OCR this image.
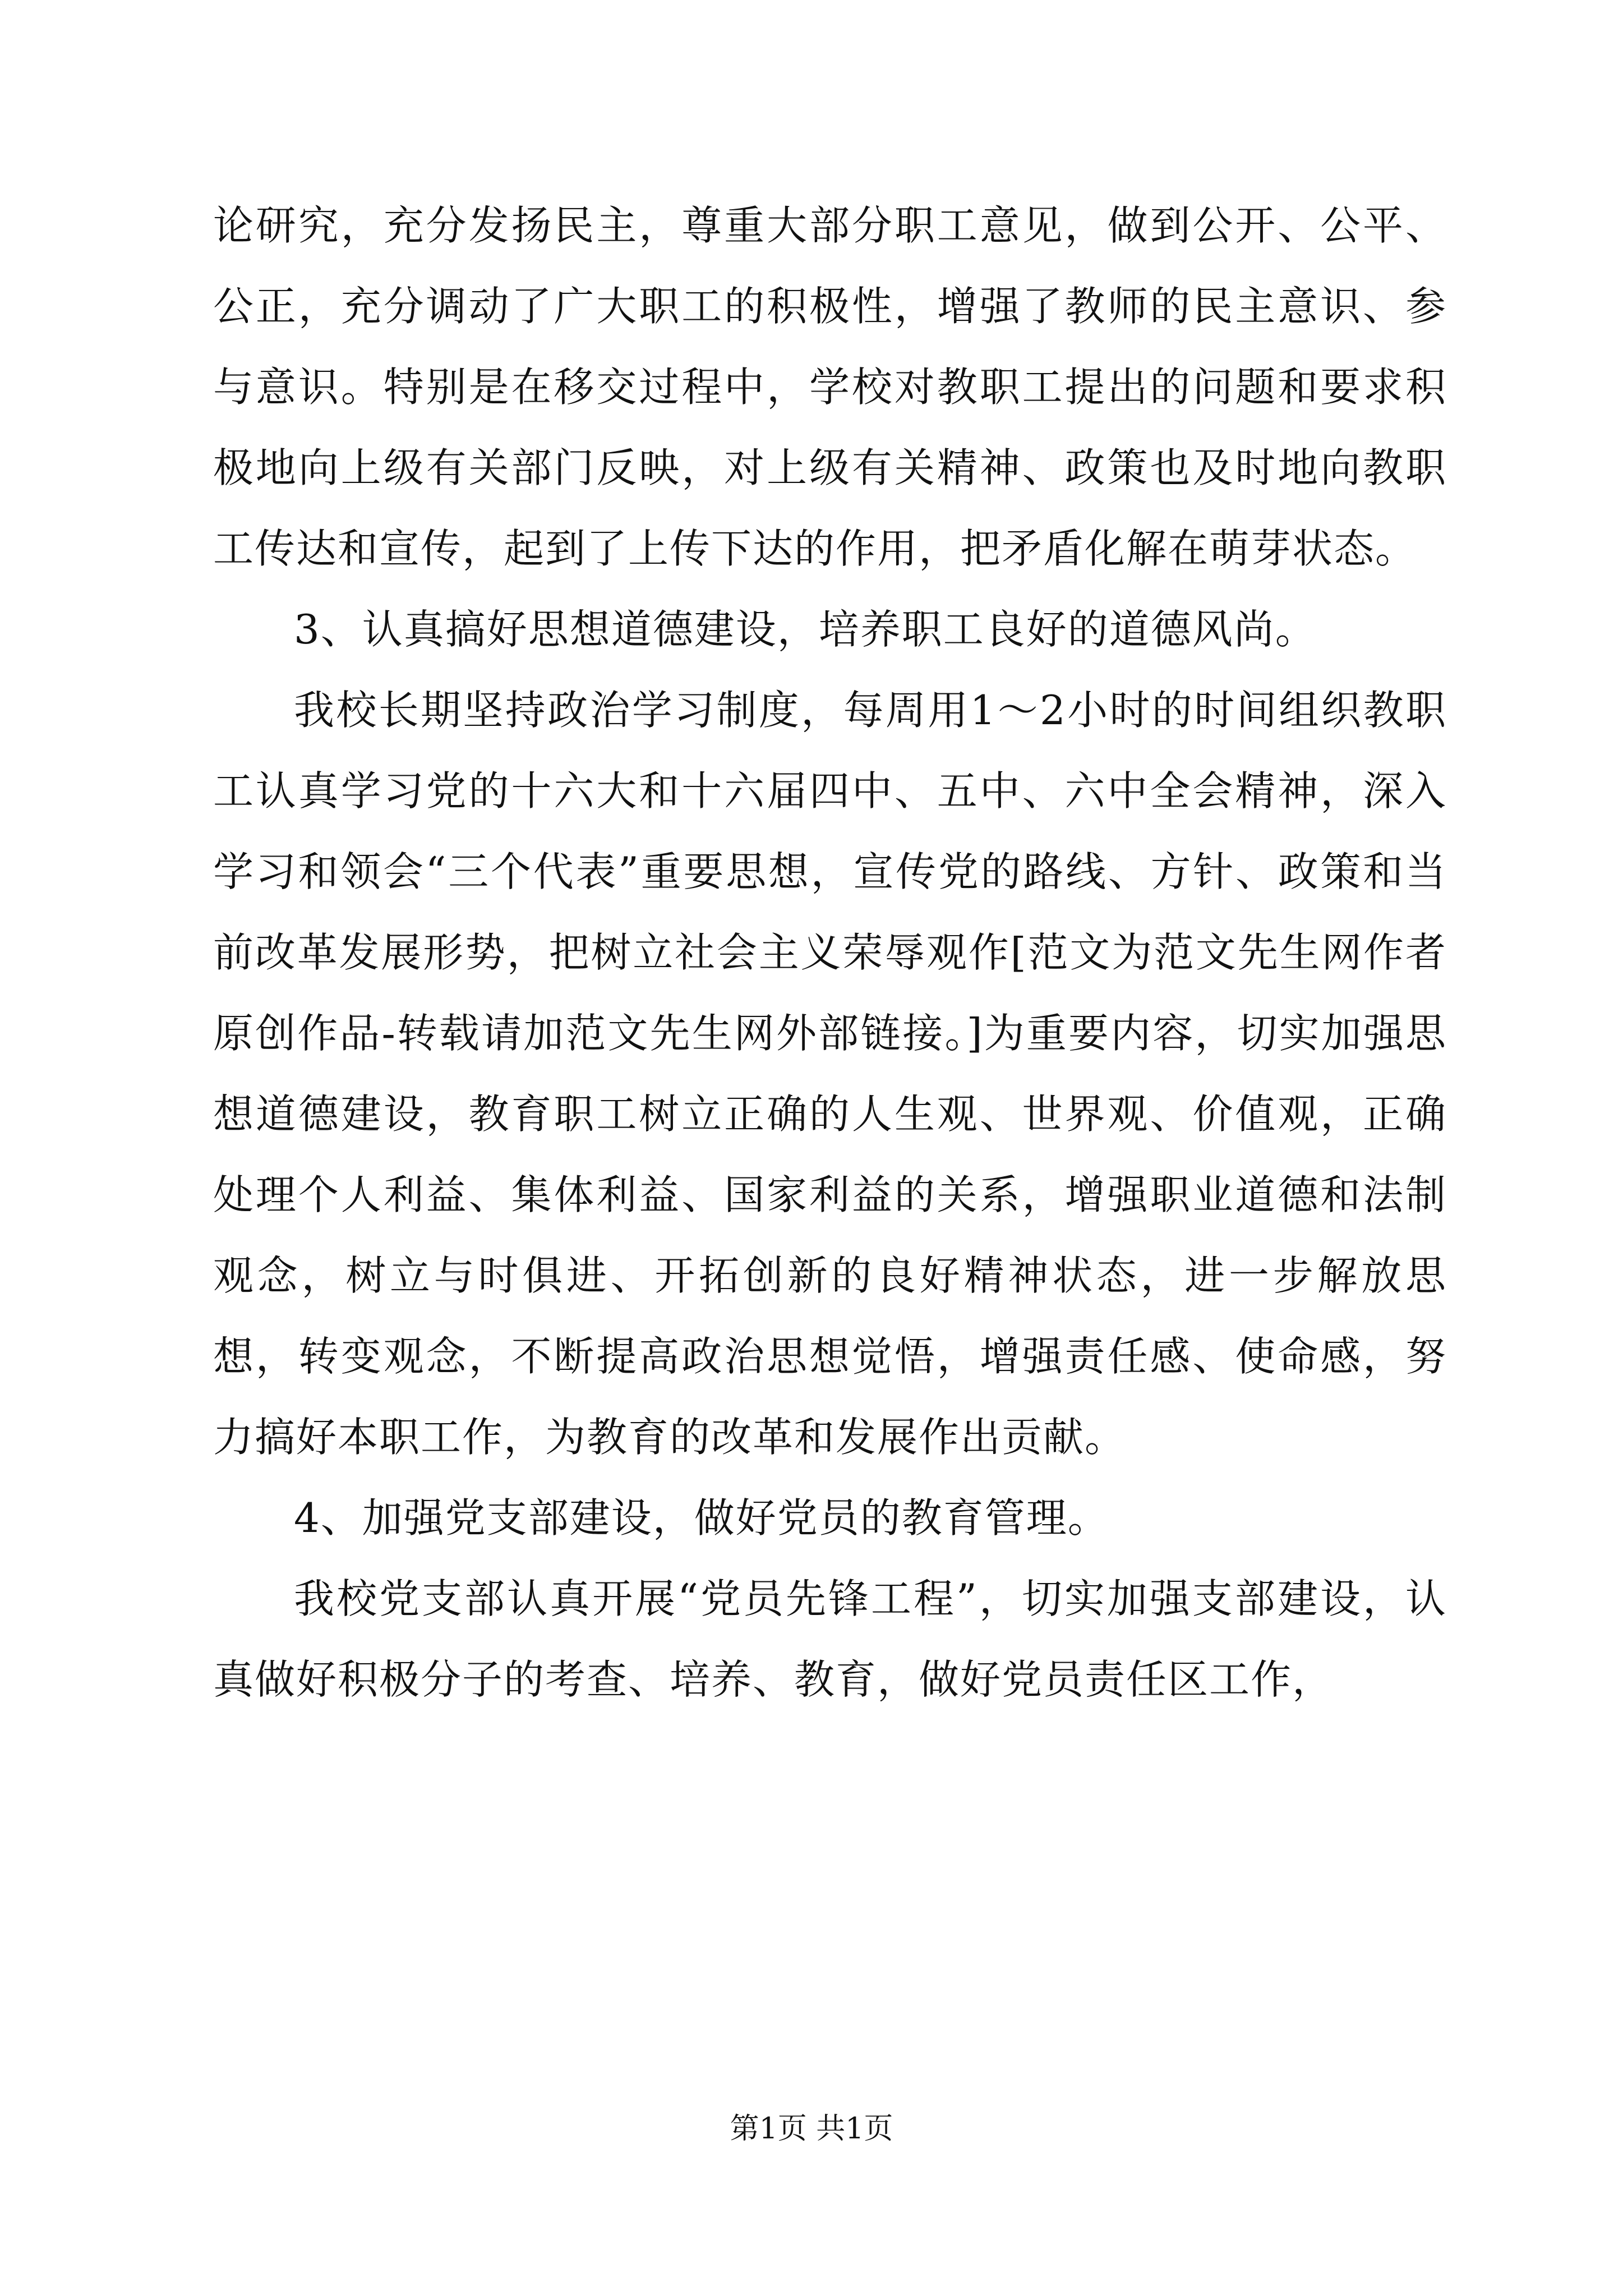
论研究，充分发扬民主，尊重大部分职工意见，做到公开、公平、公正，充分调动了广大职工的积极性，增强了教师的民主意识、参与意识。特别是在移交过程中，学校对教职工提出的问题和要求积极地向上级有关部门反映，对上级有关精神、政策也及时地向教职工传达和宣传，起到了上传下达的作用，把矛盾化解在萌芽状态。

3、认真搞好思想道德建设，培养职工良好的道德风尚。

我校长期坚持政治学习制度，每周用1～2小时的时间组织教职工认真学习党的十六大和十六届四中、五中、六中全会精神，深入学习和领会“三个代表”重要思想，宣传党的路线、方针、政策和当前改革发展形势，把树立社会主义荣辱观作[范文为范文先生网作者原创作品-转载请加范文先生网外部链接。]为重要内容，切实加强思想道德建设，教育职工树立正确的人生观、世界观、价值观，正确处理个人利益、集体利益、国家利益的关系，增强职业道德和法制观念，树立与时俱进、开拓创新的良好精神状态，进一步解放思想，转变观念，不断提高政治思想觉悟，增强责任感、使命感，努力搞好本职工作，为教育的改革和发展作出贡献。

4、加强党支部建设，做好党员的教育管理。

我校党支部认真开展“党员先锋工程”，切实加强支部建设，认真做好积极分子的考查、培养、教育，做好党员责任区工作，

第1页 共1页
